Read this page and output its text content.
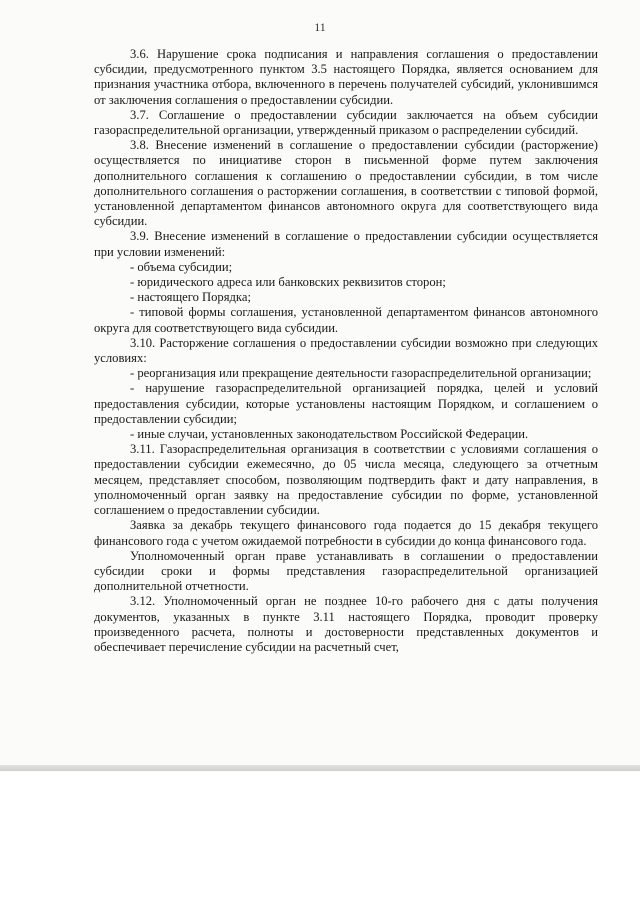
11

3.6. Нарушение срока подписания и направления соглашения о предоставлении субсидии, предусмотренного пунктом 3.5 настоящего Порядка, является основанием для признания участника отбора, включенного в перечень получателей субсидий, уклонившимся от заключения соглашения о предоставлении субсидии.

3.7. Соглашение о предоставлении субсидии заключается на объем субсидии газораспределительной организации, утвержденный приказом о распределении субсидий.

3.8. Внесение изменений в соглашение о предоставлении субсидии (расторжение) осуществляется по инициативе сторон в письменной форме путем заключения дополнительного соглашения к соглашению о предоставлении субсидии, в том числе дополнительного соглашения о расторжении соглашения, в соответствии с типовой формой, установленной департаментом финансов автономного округа для соответствующего вида субсидии.

3.9. Внесение изменений в соглашение о предоставлении субсидии осуществляется при условии изменений:

- объема субсидии;

- юридического адреса или банковских реквизитов сторон;

- настоящего Порядка;

- типовой формы соглашения, установленной департаментом финансов автономного округа для соответствующего вида субсидии.

3.10. Расторжение соглашения о предоставлении субсидии возможно при следующих условиях:

- реорганизация или прекращение деятельности газораспределительной организации;

- нарушение газораспределительной организацией порядка, целей и условий предоставления субсидии, которые установлены настоящим Порядком, и соглашением о предоставлении субсидии;

- иные случаи, установленных законодательством Российской Федерации.

3.11. Газораспределительная организация в соответствии с условиями соглашения о предоставлении субсидии ежемесячно, до 05 числа месяца, следующего за отчетным месяцем, представляет способом, позволяющим подтвердить факт и дату направления, в уполномоченный орган заявку на предоставление субсидии по форме, установленной соглашением о предоставлении субсидии.

Заявка за декабрь текущего финансового года подается до 15 декабря текущего финансового года с учетом ожидаемой потребности в субсидии до конца финансового года.

Уполномоченный орган праве устанавливать в соглашении о предоставлении субсидии сроки и формы представления газораспределительной организацией дополнительной отчетности.

3.12. Уполномоченный орган не позднее 10-го рабочего дня с даты получения документов, указанных в пункте 3.11 настоящего Порядка, проводит проверку произведенного расчета, полноты и достоверности представленных документов и обеспечивает перечисление субсидии на расчетный счет,
